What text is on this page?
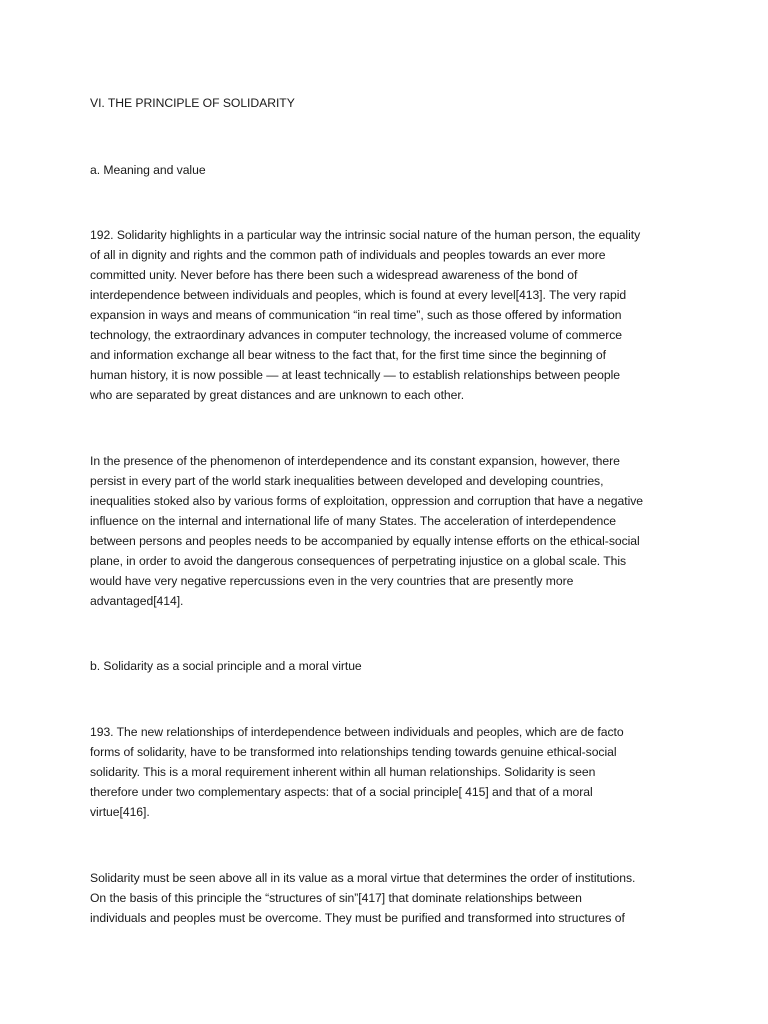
VI. THE PRINCIPLE OF SOLIDARITY
a. Meaning and value
192. Solidarity highlights in a particular way the intrinsic social nature of the human person, the equality
of all in dignity and rights and the common path of individuals and peoples towards an ever more
committed unity. Never before has there been such a widespread awareness of the bond of
interdependence between individuals and peoples, which is found at every level[413]. The very rapid
expansion in ways and means of communication “in real time”, such as those offered by information
technology, the extraordinary advances in computer technology, the increased volume of commerce
and information exchange all bear witness to the fact that, for the first time since the beginning of
human history, it is now possible — at least technically — to establish relationships between people
who are separated by great distances and are unknown to each other.
In the presence of the phenomenon of interdependence and its constant expansion, however, there
persist in every part of the world stark inequalities between developed and developing countries,
inequalities stoked also by various forms of exploitation, oppression and corruption that have a negative
influence on the internal and international life of many States. The acceleration of interdependence
between persons and peoples needs to be accompanied by equally intense efforts on the ethical-social
plane, in order to avoid the dangerous consequences of perpetrating injustice on a global scale. This
would have very negative repercussions even in the very countries that are presently more
advantaged[414].
b. Solidarity as a social principle and a moral virtue
193. The new relationships of interdependence between individuals and peoples, which are de facto
forms of solidarity, have to be transformed into relationships tending towards genuine ethical-social
solidarity. This is a moral requirement inherent within all human relationships. Solidarity is seen
therefore under two complementary aspects: that of a social principle[ 415] and that of a moral
virtue[416].
Solidarity must be seen above all in its value as a moral virtue that determines the order of institutions.
On the basis of this principle the “structures of sin”[417] that dominate relationships between
individuals and peoples must be overcome. They must be purified and transformed into structures of
